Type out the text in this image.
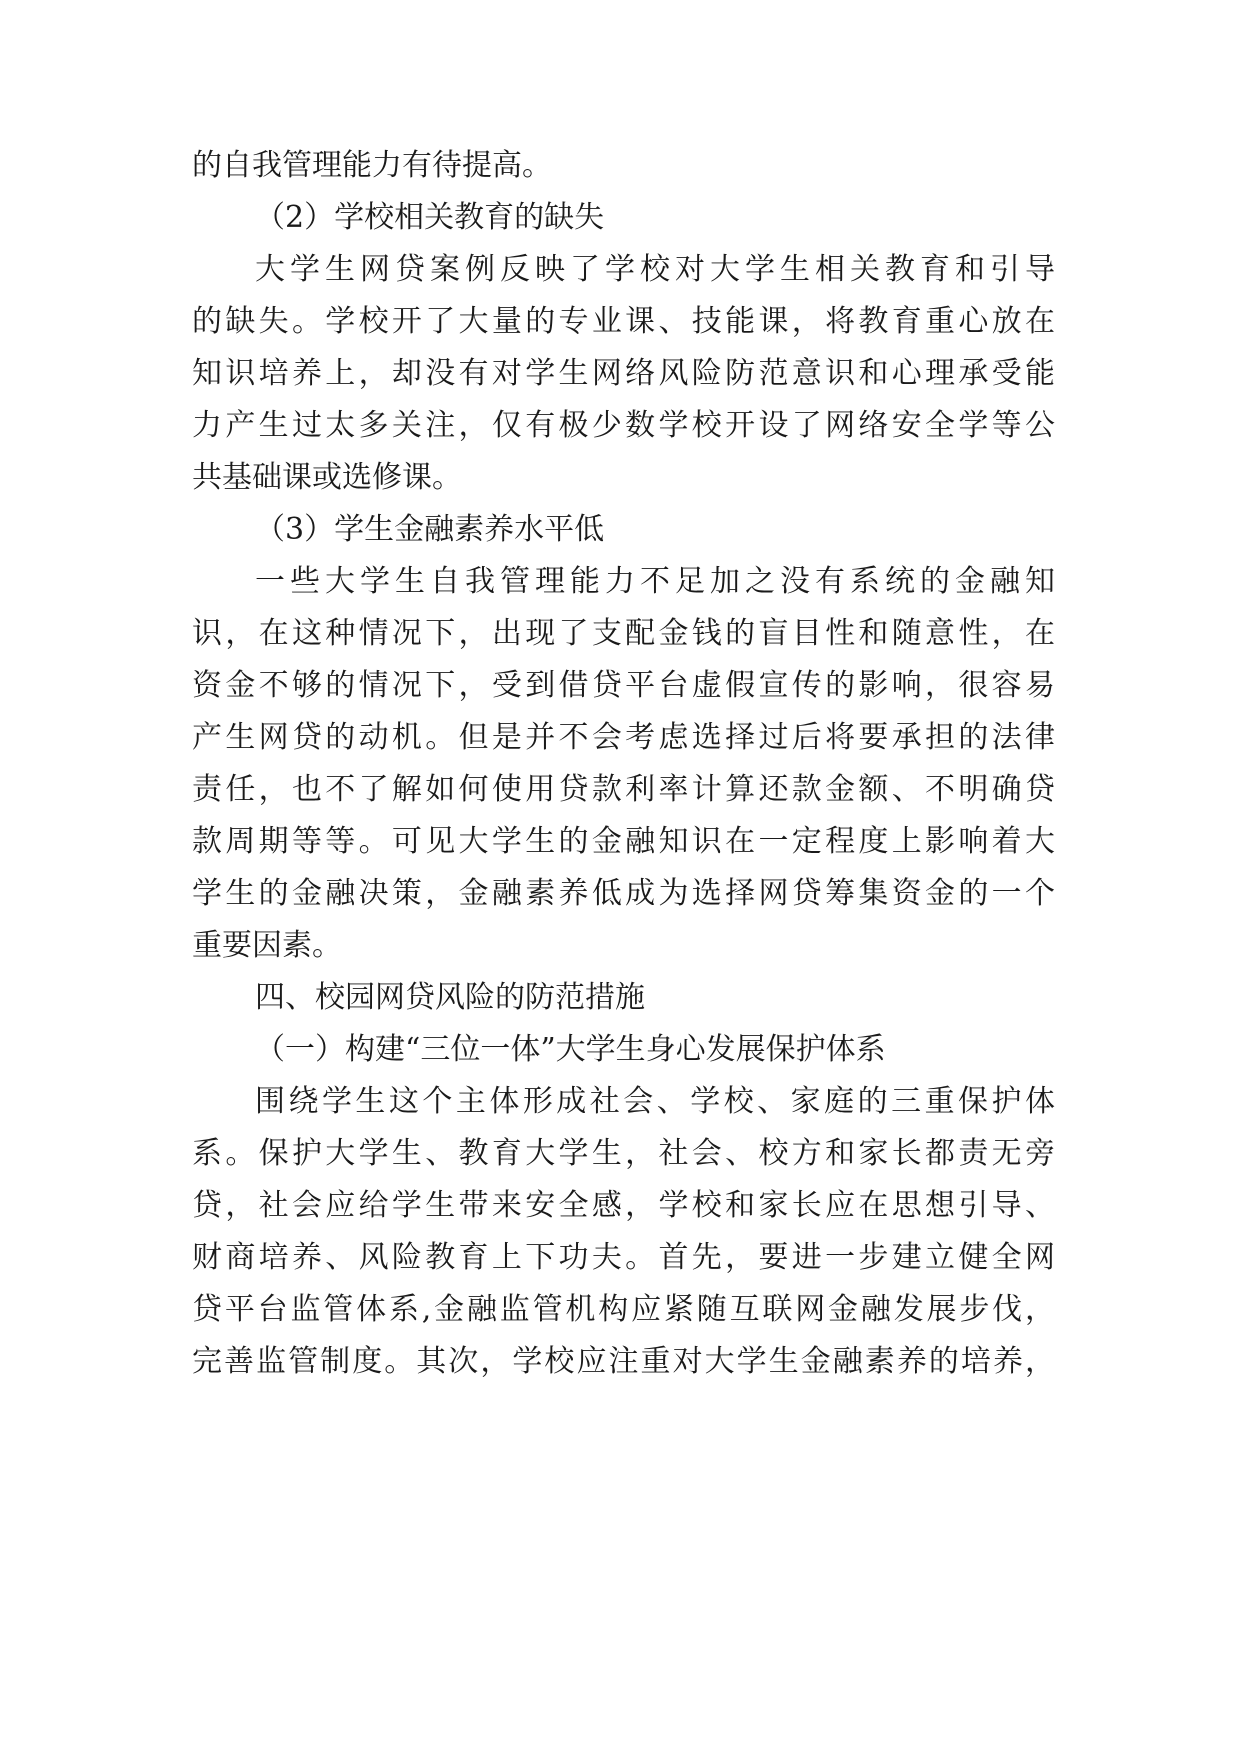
的自我管理能力有待提高。
（2）学校相关教育的缺失
大学生网贷案例反映了学校对大学生相关教育和引导
的缺失。学校开了大量的专业课、技能课，将教育重心放在
知识培养上，却没有对学生网络风险防范意识和心理承受能
力产生过太多关注，仅有极少数学校开设了网络安全学等公
共基础课或选修课。
（3）学生金融素养水平低
一些大学生自我管理能力不足加之没有系统的金融知
识，在这种情况下，出现了支配金钱的盲目性和随意性，在
资金不够的情况下，受到借贷平台虚假宣传的影响，很容易
产生网贷的动机。但是并不会考虑选择过后将要承担的法律
责任，也不了解如何使用贷款利率计算还款金额、不明确贷
款周期等等。可见大学生的金融知识在一定程度上影响着大
学生的金融决策，金融素养低成为选择网贷筹集资金的一个
重要因素。
四、校园网贷风险的防范措施
（一）构建“三位一体”大学生身心发展保护体系
围绕学生这个主体形成社会、学校、家庭的三重保护体
系。保护大学生、教育大学生，社会、校方和家长都责无旁
贷，社会应给学生带来安全感，学校和家长应在思想引导、
财商培养、风险教育上下功夫。首先，要进一步建立健全网
贷平台监管体系,金融监管机构应紧随互联网金融发展步伐，
完善监管制度。其次，学校应注重对大学生金融素养的培养，
